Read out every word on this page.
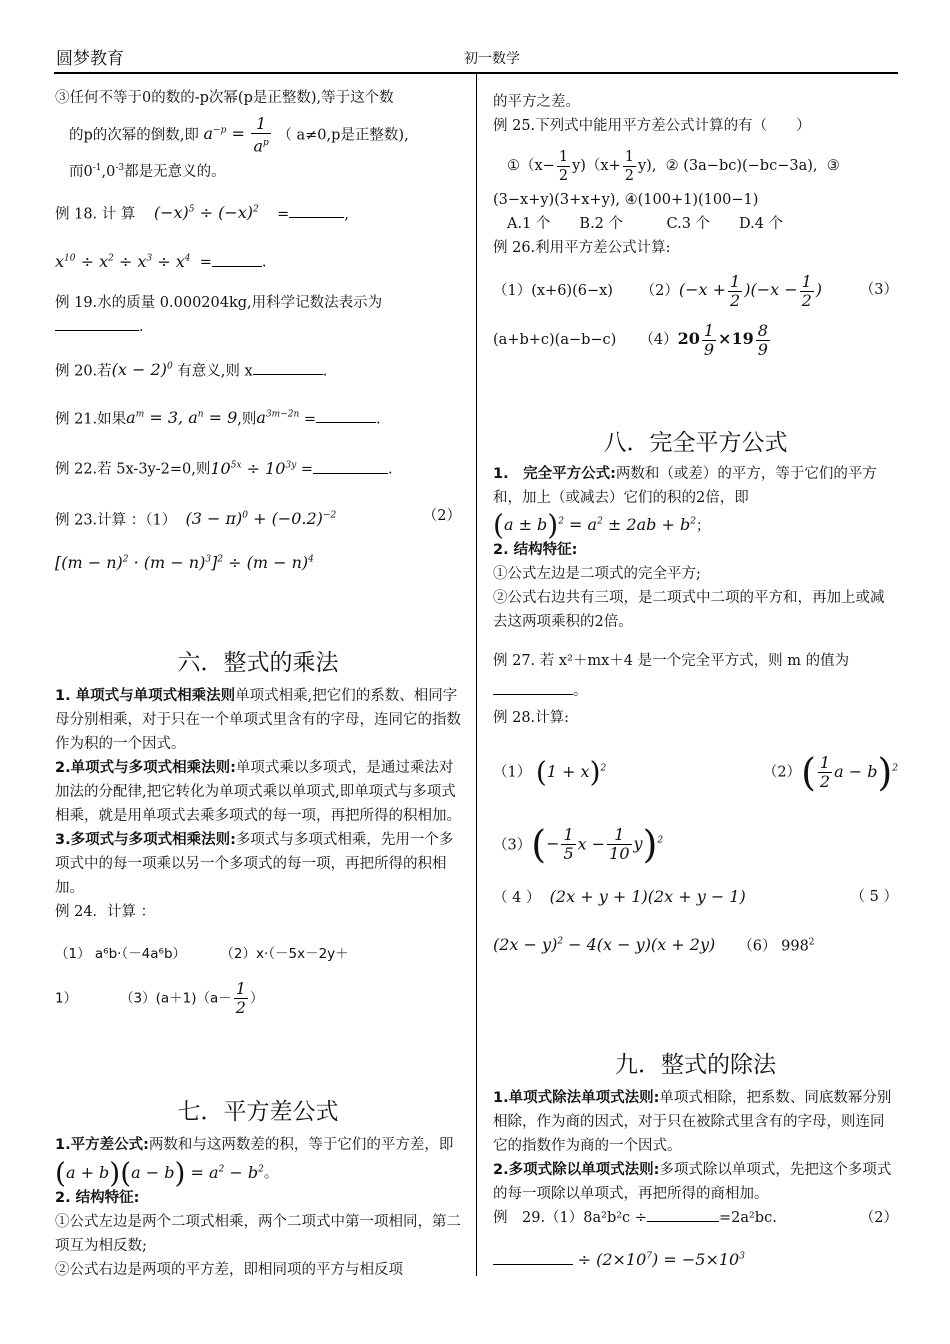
圆梦教育	初一数学

③任何不等于0的数的-p次幂(p是正整数),等于这个数

的p的次幂的倒数,即 $a^{-p} = \frac{1}{a^p}$ （ a≠0,p是正整数),

而$0^{-1},0^{-3}$都是无意义的。

例 18. 计 算 $(-x)^5 \div (-x)^2$    =	,

$x^{10} \div x^2 \div x^3 \div x^4$  =	.

例 19.水的质量 0.000204kg,用科学记数法表示为

.

例 20.若$(x - 2)^0$ 有意义,则 x	.

例 21.如果$a^m = 3$, $a^n = 9$,则$a^{3m-2n}$ =	.

例 22.若 5x-3y-2=0,则$10^{5x} \div 10^{3y}$ =	.

例 23.计算 ：（1） $(3 - \pi)^0 + (-0.2)^{-2}$	（2）

$[(m - n)^2 \cdot (m - n)^3]^2 \div (m - n)^4$

六．整式的乘法

1. 单项式与单项式相乘法则单项式相乘,把它们的系数、相同字母分别相乘，对于只在一个单项式里含有的字母，连同它的指数作为积的一个因式。

2.单项式与多项式相乘法则:单项式乘以多项式，是通过乘法对加法的分配律,把它转化为单项式乘以单项式,即单项式与多项式相乘，就是用单项式去乘多项式的每一项，再把所得的积相加。

3.多项式与多项式相乘法则:多项式与多项式相乘，先用一个多项式中的每一项乘以另一个多项式的每一项，再把所得的积相加。

例 24．计算 ：

（1） a⁶b·（－4a⁶b）	（2）x·（－5x－2y＋

1）	$(3)(a+1)(a- \frac{1}{2}$ ）

七．平方差公式

1.平方差公式:两数和与这两数差的积，等于它们的平方差，即$(a + b)(a - b) = a^2 - b^2$。

2. 结构特征:

①公式左边是两个二项式相乘，两个二项式中第一项相同，第二项互为相反数;

②公式右边是两项的平方差，即相同项的平方与相反项

的平方之差。

例 25.下列式中能用平方差公式计算的有（　　）

①（x− $\frac{1}{2} y)(x+ \frac{1}{2} y)$,  ② (3a−bc)(−bc−3a),  ③

(3−x+y)(3+x+y), ④(100+1)(100−1)

A.1 个　　B.2 个　　　C.3 个　　D.4 个

例 26.利用平方差公式计算:

（1）(x+6)(6−x)      $(2)(-x + \frac{1}{2} )(-x - \frac{1}{2}$ )	（3）

(a+b+c)(a−b−c)     $(4)20 \frac{1}{9} \times 19 \frac{8}{9}$

八．完全平方公式

1.　完全平方公式:两数和（或差）的平方，等于它们的平方和，加上（或减去）它们的积的2倍，即

$(a \pm b)^2 = a^2 \pm 2ab + b^2$；

2. 结构特征:

①公式左边是二项式的完全平方;

②公式右边共有三项，是二项式中二项的平方和，再加上或减去这两项乘积的2倍。

例 27. 若 x²＋mx＋4 是一个完全平方式，则 m 的值为。

例 28.计算:

（1） $(1 + x)^2$	$(2)( \frac{1}{2}$ $a - b)^2$

$(3)(- \frac{1}{5}$ $x - \frac{1}{10} y)^2$

（ 4 ）  (2x + y + 1)(2x + y − 1)	（ 5 ）

$(2x - y)^2 - 4(x - y)(x + 2y)$     （6） $998^2$

九．整式的除法

1.单项式除法单项式法则:单项式相除，把系数、同底数幂分别相除，作为商的因式，对于只在被除式里含有的字母，则连同它的指数作为商的一个因式。

2.多项式除以单项式法则:多项式除以单项式，先把这个多项式的每一项除以单项式，再把所得的商相加。

例　29.（1）8a²b²c ÷	=2a²bc.	（2）

÷ $(2\times 10^7) = -5\times 10^3$
